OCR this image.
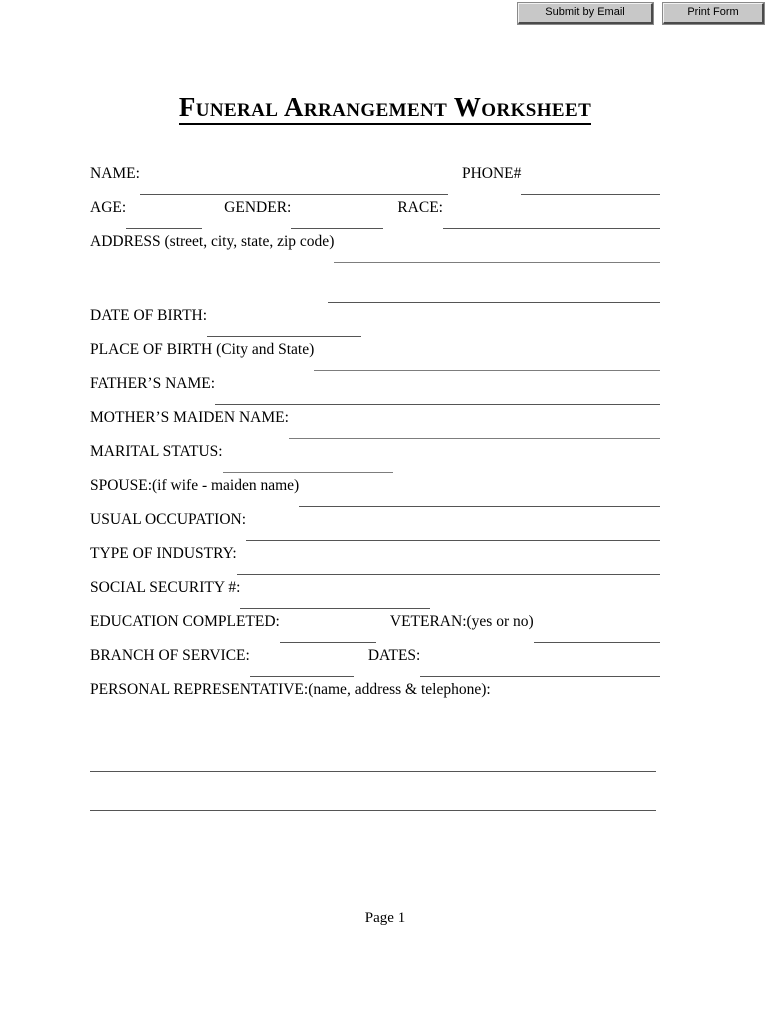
Submit by Email	Print Form
Funeral Arrangement Worksheet
NAME:	PHONE#
AGE:	GENDER:	RACE:
ADDRESS (street, city, state, zip code)
DATE OF BIRTH:
PLACE OF BIRTH (City and State)
FATHER’S NAME:
MOTHER’S MAIDEN NAME:
MARITAL STATUS:
SPOUSE:(if wife - maiden name)
USUAL OCCUPATION:
TYPE OF INDUSTRY:
SOCIAL SECURITY #:
EDUCATION COMPLETED:	VETERAN:(yes or no)
BRANCH OF SERVICE:	DATES:
PERSONAL REPRESENTATIVE:(name, address & telephone):
Page 1
